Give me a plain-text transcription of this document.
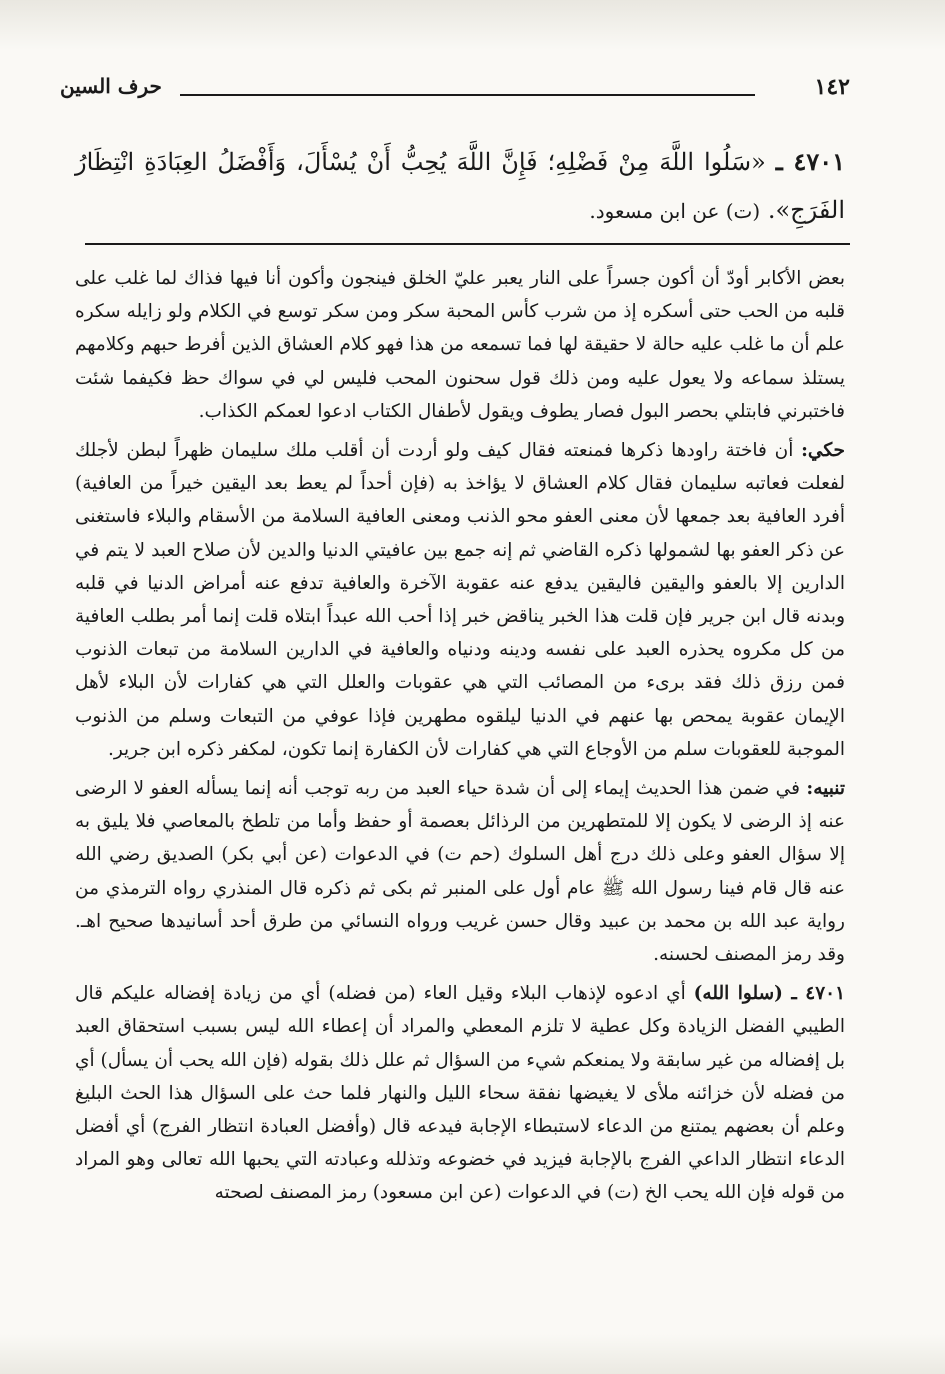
١٤٢
حرف السين
٤٧٠١ ـ «سَلُوا اللَّهَ مِنْ فَضْلِهِ؛ فَإِنَّ اللَّهَ يُحِبُّ أَنْ يُسْأَلَ، وَأَفْضَلُ العِبَادَةِ انْتِظَارُ الفَرَجِ». (ت) عن ابن مسعود.

بعض الأكابر أودّ أن أكون جسراً على النار يعبر عليّ الخلق فينجون وأكون أنا فيها فذاك لما غلب على قلبه من الحب حتى أسكره إذ من شرب كأس المحبة سكر ومن سكر توسع في الكلام ولو زايله سكره علم أن ما غلب عليه حالة لا حقيقة لها فما تسمعه من هذا فهو كلام العشاق الذين أفرط حبهم وكلامهم يستلذ سماعه ولا يعول عليه ومن ذلك قول سحنون المحب فليس لي في سواك حظ فكيفما شئت فاختبرني فابتلي بحصر البول فصار يطوف ويقول لأطفال الكتاب ادعوا لعمكم الكذاب.

حكي: أن فاختة راودها ذكرها فمنعته فقال كيف ولو أردت أن أقلب ملك سليمان ظهراً لبطن لأجلك لفعلت فعاتبه سليمان فقال كلام العشاق لا يؤاخذ به (فإن أحداً لم يعط بعد اليقين خيراً من العافية) أفرد العافية بعد جمعها لأن معنى العفو محو الذنب ومعنى العافية السلامة من الأسقام والبلاء فاستغنى عن ذكر العفو بها لشمولها ذكره القاضي ثم إنه جمع بين عافيتي الدنيا والدين لأن صلاح العبد لا يتم في الدارين إلا بالعفو واليقين فاليقين يدفع عنه عقوبة الآخرة والعافية تدفع عنه أمراض الدنيا في قلبه وبدنه قال ابن جرير فإن قلت هذا الخبر يناقض خبر إذا أحب الله عبداً ابتلاه قلت إنما أمر بطلب العافية من كل مكروه يحذره العبد على نفسه ودينه ودنياه والعافية في الدارين السلامة من تبعات الذنوب فمن رزق ذلك فقد برىء من المصائب التي هي عقوبات والعلل التي هي كفارات لأن البلاء لأهل الإيمان عقوبة يمحص بها عنهم في الدنيا ليلقوه مطهرين فإذا عوفي من التبعات وسلم من الذنوب الموجبة للعقوبات سلم من الأوجاع التي هي كفارات لأن الكفارة إنما تكون، لمكفر ذكره ابن جرير.

تنبيه: في ضمن هذا الحديث إيماء إلى أن شدة حياء العبد من ربه توجب أنه إنما يسأله العفو لا الرضى عنه إذ الرضى لا يكون إلا للمتطهرين من الرذائل بعصمة أو حفظ وأما من تلطخ بالمعاصي فلا يليق به إلا سؤال العفو وعلى ذلك درج أهل السلوك (حم ت) في الدعوات (عن أبي بكر) الصديق رضي الله عنه قال قام فينا رسول الله ﷺ عام أول على المنبر ثم بكى ثم ذكره قال المنذري رواه الترمذي من رواية عبد الله بن محمد بن عبيد وقال حسن غريب ورواه النسائي من طرق أحد أسانيدها صحيح اهـ. وقد رمز المصنف لحسنه.

٤٧٠١ ـ (سلوا الله) أي ادعوه لإذهاب البلاء وقيل العاء (من فضله) أي من زيادة إفضاله عليكم قال الطيبي الفضل الزيادة وكل عطية لا تلزم المعطي والمراد أن إعطاء الله ليس بسبب استحقاق العبد بل إفضاله من غير سابقة ولا يمنعكم شيء من السؤال ثم علل ذلك بقوله (فإن الله يحب أن يسأل) أي من فضله لأن خزائنه ملأى لا يغيضها نفقة سحاء الليل والنهار فلما حث على السؤال هذا الحث البليغ وعلم أن بعضهم يمتنع من الدعاء لاستبطاء الإجابة فيدعه قال (وأفضل العبادة انتظار الفرج) أي أفضل الدعاء انتظار الداعي الفرج بالإجابة فيزيد في خضوعه وتذلله وعبادته التي يحبها الله تعالى وهو المراد من قوله فإن الله يحب الخ (ت) في الدعوات (عن ابن مسعود) رمز المصنف لصحته
